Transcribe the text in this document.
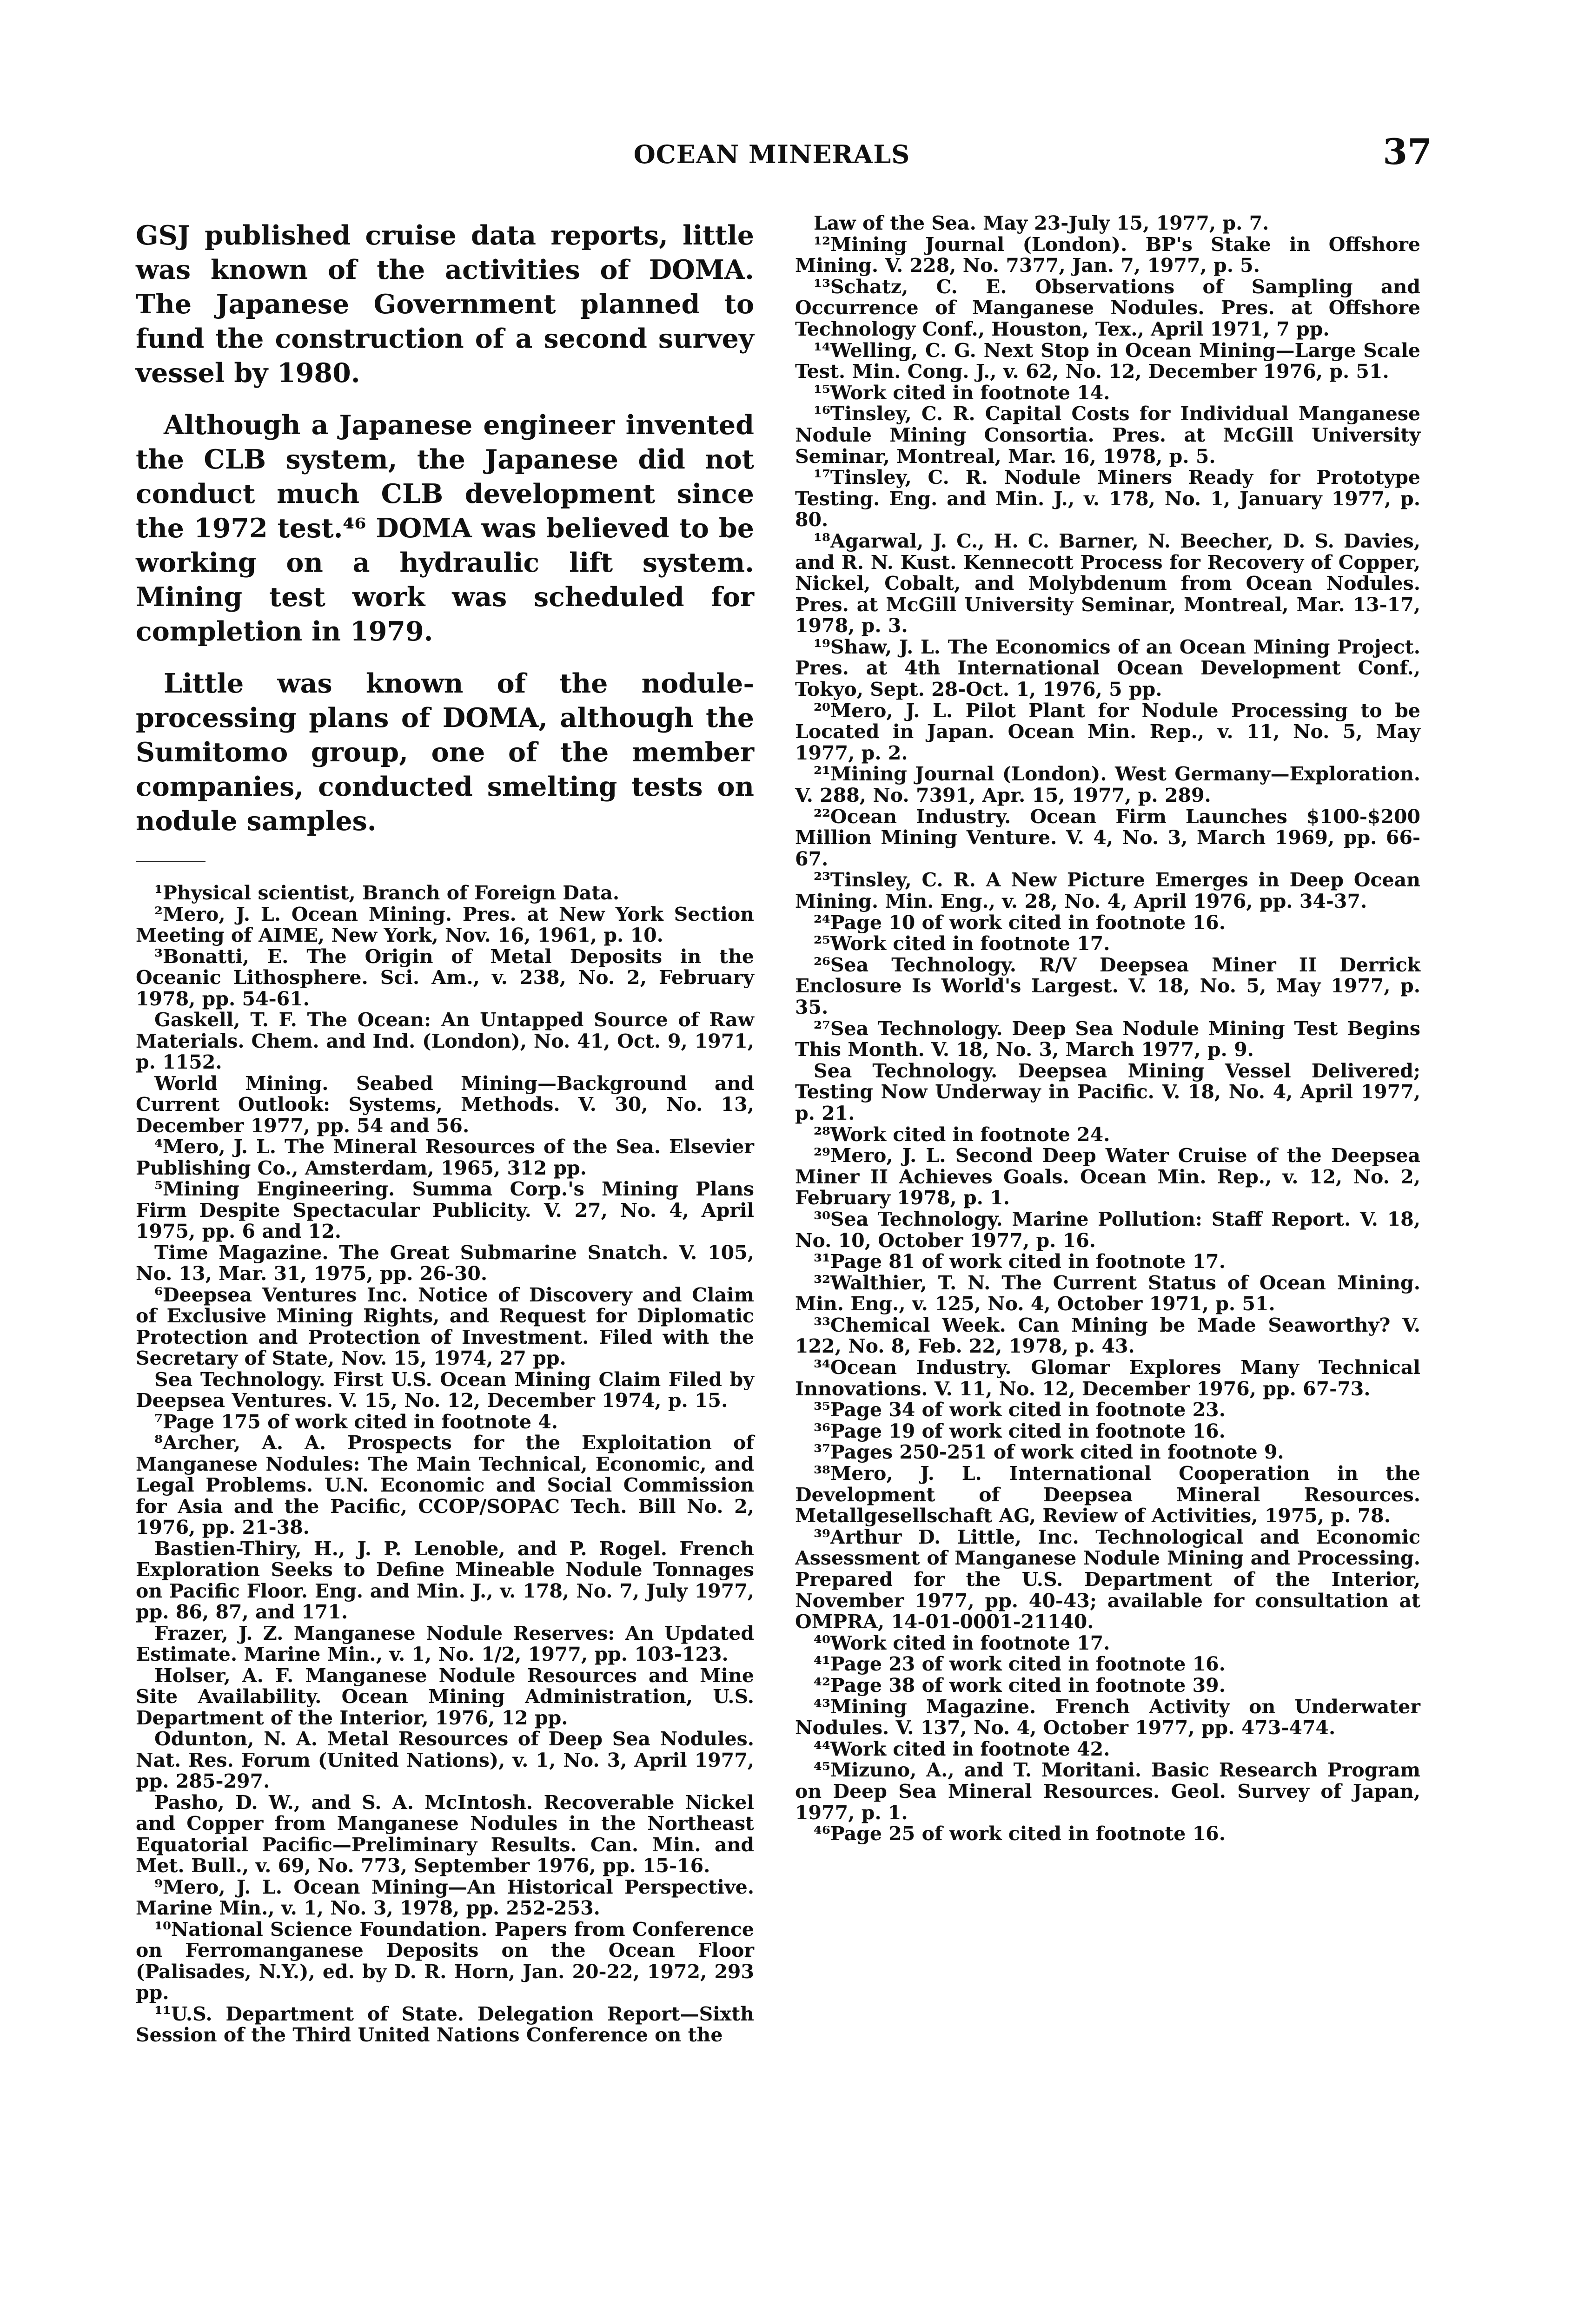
OCEAN MINERALS	37

GSJ published cruise data reports, little was known of the activities of DOMA. The Japanese Government planned to fund the construction of a second survey vessel by 1980.

Although a Japanese engineer invented the CLB system, the Japanese did not conduct much CLB development since the 1972 test.⁴⁶ DOMA was believed to be working on a hydraulic lift system. Mining test work was scheduled for completion in 1979.

Little was known of the nodule-processing plans of DOMA, although the Sumitomo group, one of the member companies, conducted smelting tests on nodule samples.

¹Physical scientist, Branch of Foreign Data.

²Mero, J. L. Ocean Mining. Pres. at New York Section Meeting of AIME, New York, Nov. 16, 1961, p. 10.

³Bonatti, E. The Origin of Metal Deposits in the Oceanic Lithosphere. Sci. Am., v. 238, No. 2, February 1978, pp. 54-61.

Gaskell, T. F. The Ocean: An Untapped Source of Raw Materials. Chem. and Ind. (London), No. 41, Oct. 9, 1971, p. 1152.

World Mining. Seabed Mining—Background and Current Outlook: Systems, Methods. V. 30, No. 13, December 1977, pp. 54 and 56.

⁴Mero, J. L. The Mineral Resources of the Sea. Elsevier Publishing Co., Amsterdam, 1965, 312 pp.

⁵Mining Engineering. Summa Corp.'s Mining Plans Firm Despite Spectacular Publicity. V. 27, No. 4, April 1975, pp. 6 and 12.

Time Magazine. The Great Submarine Snatch. V. 105, No. 13, Mar. 31, 1975, pp. 26-30.

⁶Deepsea Ventures Inc. Notice of Discovery and Claim of Exclusive Mining Rights, and Request for Diplomatic Protection and Protection of Investment. Filed with the Secretary of State, Nov. 15, 1974, 27 pp.

Sea Technology. First U.S. Ocean Mining Claim Filed by Deepsea Ventures. V. 15, No. 12, December 1974, p. 15.

⁷Page 175 of work cited in footnote 4.

⁸Archer, A. A. Prospects for the Exploitation of Manganese Nodules: The Main Technical, Economic, and Legal Problems. U.N. Economic and Social Commission for Asia and the Pacific, CCOP/SOPAC Tech. Bill No. 2, 1976, pp. 21-38.

Bastien-Thiry, H., J. P. Lenoble, and P. Rogel. French Exploration Seeks to Define Mineable Nodule Tonnages on Pacific Floor. Eng. and Min. J., v. 178, No. 7, July 1977, pp. 86, 87, and 171.

Frazer, J. Z. Manganese Nodule Reserves: An Updated Estimate. Marine Min., v. 1, No. 1/2, 1977, pp. 103-123.

Holser, A. F. Manganese Nodule Resources and Mine Site Availability. Ocean Mining Administration, U.S. Department of the Interior, 1976, 12 pp.

Odunton, N. A. Metal Resources of Deep Sea Nodules. Nat. Res. Forum (United Nations), v. 1, No. 3, April 1977, pp. 285-297.

Pasho, D. W., and S. A. McIntosh. Recoverable Nickel and Copper from Manganese Nodules in the Northeast Equatorial Pacific—Preliminary Results. Can. Min. and Met. Bull., v. 69, No. 773, September 1976, pp. 15-16.

⁹Mero, J. L. Ocean Mining—An Historical Perspective. Marine Min., v. 1, No. 3, 1978, pp. 252-253.

¹⁰National Science Foundation. Papers from Conference on Ferromanganese Deposits on the Ocean Floor (Palisades, N.Y.), ed. by D. R. Horn, Jan. 20-22, 1972, 293 pp.

¹¹U.S. Department of State. Delegation Report—Sixth Session of the Third United Nations Conference on the

Law of the Sea. May 23-July 15, 1977, p. 7.

¹²Mining Journal (London). BP's Stake in Offshore Mining. V. 228, No. 7377, Jan. 7, 1977, p. 5.

¹³Schatz, C. E. Observations of Sampling and Occurrence of Manganese Nodules. Pres. at Offshore Technology Conf., Houston, Tex., April 1971, 7 pp.

¹⁴Welling, C. G. Next Stop in Ocean Mining—Large Scale Test. Min. Cong. J., v. 62, No. 12, December 1976, p. 51.

¹⁵Work cited in footnote 14.

¹⁶Tinsley, C. R. Capital Costs for Individual Manganese Nodule Mining Consortia. Pres. at McGill University Seminar, Montreal, Mar. 16, 1978, p. 5.

¹⁷Tinsley, C. R. Nodule Miners Ready for Prototype Testing. Eng. and Min. J., v. 178, No. 1, January 1977, p. 80.

¹⁸Agarwal, J. C., H. C. Barner, N. Beecher, D. S. Davies, and R. N. Kust. Kennecott Process for Recovery of Copper, Nickel, Cobalt, and Molybdenum from Ocean Nodules. Pres. at McGill University Seminar, Montreal, Mar. 13-17, 1978, p. 3.

¹⁹Shaw, J. L. The Economics of an Ocean Mining Project. Pres. at 4th International Ocean Development Conf., Tokyo, Sept. 28-Oct. 1, 1976, 5 pp.

²⁰Mero, J. L. Pilot Plant for Nodule Processing to be Located in Japan. Ocean Min. Rep., v. 11, No. 5, May 1977, p. 2.

²¹Mining Journal (London). West Germany—Exploration. V. 288, No. 7391, Apr. 15, 1977, p. 289.

²²Ocean Industry. Ocean Firm Launches $100-$200 Million Mining Venture. V. 4, No. 3, March 1969, pp. 66-67.

²³Tinsley, C. R. A New Picture Emerges in Deep Ocean Mining. Min. Eng., v. 28, No. 4, April 1976, pp. 34-37.

²⁴Page 10 of work cited in footnote 16.

²⁵Work cited in footnote 17.

²⁶Sea Technology. R/V Deepsea Miner II Derrick Enclosure Is World's Largest. V. 18, No. 5, May 1977, p. 35.

²⁷Sea Technology. Deep Sea Nodule Mining Test Begins This Month. V. 18, No. 3, March 1977, p. 9.

Sea Technology. Deepsea Mining Vessel Delivered; Testing Now Underway in Pacific. V. 18, No. 4, April 1977, p. 21.

²⁸Work cited in footnote 24.

²⁹Mero, J. L. Second Deep Water Cruise of the Deepsea Miner II Achieves Goals. Ocean Min. Rep., v. 12, No. 2, February 1978, p. 1.

³⁰Sea Technology. Marine Pollution: Staff Report. V. 18, No. 10, October 1977, p. 16.

³¹Page 81 of work cited in footnote 17.

³²Walthier, T. N. The Current Status of Ocean Mining. Min. Eng., v. 125, No. 4, October 1971, p. 51.

³³Chemical Week. Can Mining be Made Seaworthy? V. 122, No. 8, Feb. 22, 1978, p. 43.

³⁴Ocean Industry. Glomar Explores Many Technical Innovations. V. 11, No. 12, December 1976, pp. 67-73.

³⁵Page 34 of work cited in footnote 23.

³⁶Page 19 of work cited in footnote 16.

³⁷Pages 250-251 of work cited in footnote 9.

³⁸Mero, J. L. International Cooperation in the Development of Deepsea Mineral Resources. Metallgesellschaft AG, Review of Activities, 1975, p. 78.

³⁹Arthur D. Little, Inc. Technological and Economic Assessment of Manganese Nodule Mining and Processing. Prepared for the U.S. Department of the Interior, November 1977, pp. 40-43; available for consultation at OMPRA, 14-01-0001-21140.

⁴⁰Work cited in footnote 17.

⁴¹Page 23 of work cited in footnote 16.

⁴²Page 38 of work cited in footnote 39.

⁴³Mining Magazine. French Activity on Underwater Nodules. V. 137, No. 4, October 1977, pp. 473-474.

⁴⁴Work cited in footnote 42.

⁴⁵Mizuno, A., and T. Moritani. Basic Research Program on Deep Sea Mineral Resources. Geol. Survey of Japan, 1977, p. 1.

⁴⁶Page 25 of work cited in footnote 16.
